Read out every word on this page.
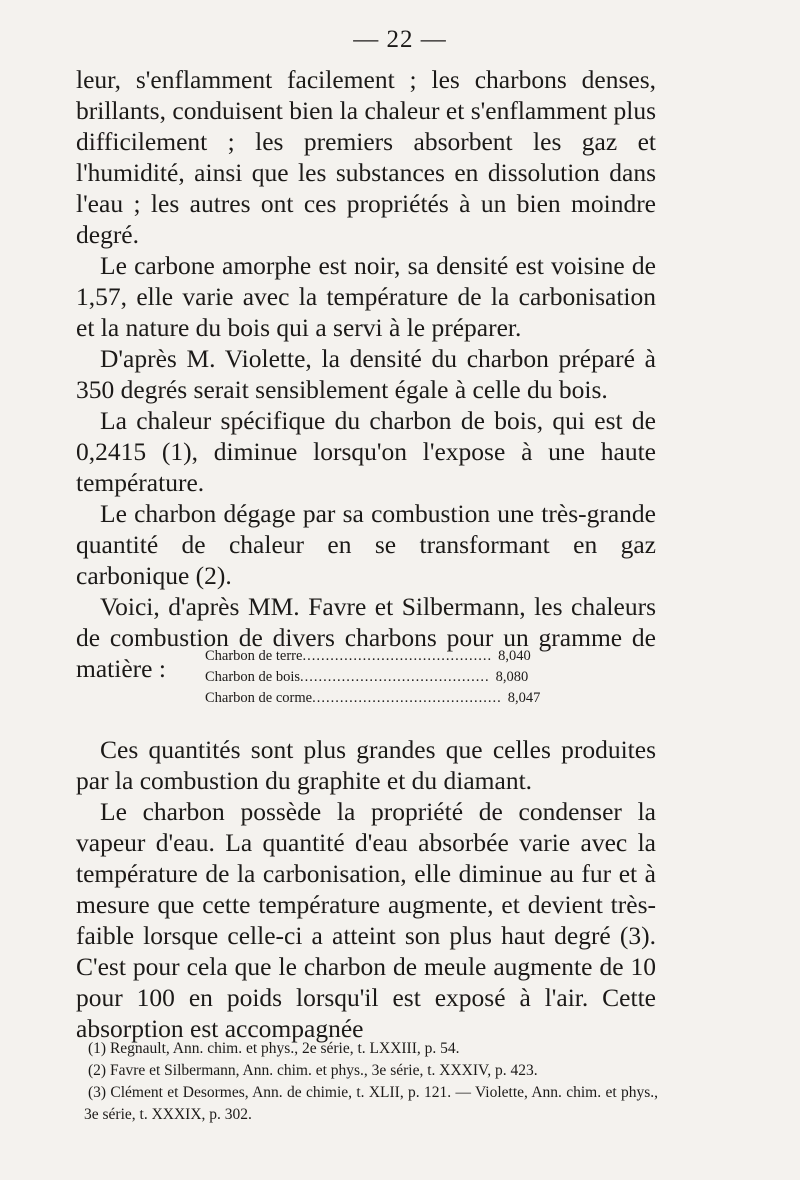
— 22 —

leur, s'enflamment facilement ; les charbons denses, brillants, conduisent bien la chaleur et s'enflamment plus difficilement ; les premiers absorbent les gaz et l'humidité, ainsi que les substances en dissolution dans l'eau ; les autres ont ces propriétés à un bien moindre degré.

Le carbone amorphe est noir, sa densité est voisine de 1,57, elle varie avec la température de la carbonisation et la nature du bois qui a servi à le préparer.

D'après M. Violette, la densité du charbon préparé à 350 degrés serait sensiblement égale à celle du bois.

La chaleur spécifique du charbon de bois, qui est de 0,2415 (1), diminue lorsqu'on l'expose à une haute température.

Le charbon dégage par sa combustion une très-grande quantité de chaleur en se transformant en gaz carbonique (2).

Voici, d'après MM. Favre et Silbermann, les chaleurs de combustion de divers charbons pour un gramme de matière :	Charbon de terre ......................................... 8,040
Charbon de bois ......................................... 8,080
Charbon de corme ......................................... 8,047

Ces quantités sont plus grandes que celles produites par la combustion du graphite et du diamant.

Le charbon possède la propriété de condenser la vapeur d'eau. La quantité d'eau absorbée varie avec la température de la carbonisation, elle diminue au fur et à mesure que cette température augmente, et devient très-faible lorsque celle-ci a atteint son plus haut degré (3). C'est pour cela que le charbon de meule augmente de 10 pour 100 en poids lorsqu'il est exposé à l'air. Cette absorption est accompagnée

(1) Regnault, Ann. chim. et phys., 2e série, t. LXXIII, p. 54.

(2) Favre et Silbermann, Ann. chim. et phys., 3e série, t. XXXIV, p. 423.

(3) Clément et Desormes, Ann. de chimie, t. XLII, p. 121. — Violette, Ann. chim. et phys., 3e série, t. XXXIX, p. 302.
